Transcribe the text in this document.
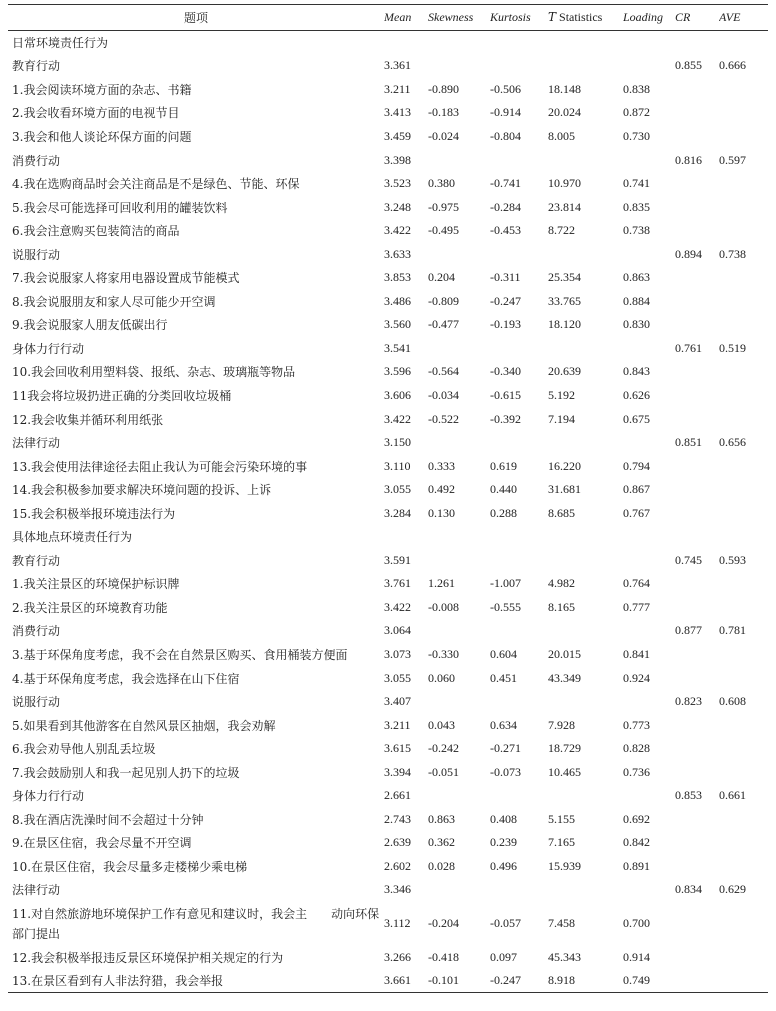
题项	Mean	Skewness	Kurtosis	T Statistics	Loading	CR	AVE
日常环境责任行为							
教育行动	3.361					0.855	0.666
1.我会阅读环境方面的杂志、书籍	3.211	-0.890	-0.506	18.148	0.838		
2.我会收看环境方面的电视节目	3.413	-0.183	-0.914	20.024	0.872		
3.我会和他人谈论环保方面的问题	3.459	-0.024	-0.804	8.005	0.730		
消费行动	3.398					0.816	0.597
4.我在选购商品时会关注商品是不是绿色、节能、环保	3.523	0.380	-0.741	10.970	0.741		
5.我会尽可能选择可回收利用的罐装饮料	3.248	-0.975	-0.284	23.814	0.835		
6.我会注意购买包装简洁的商品	3.422	-0.495	-0.453	8.722	0.738		
说服行动	3.633					0.894	0.738
7.我会说服家人将家用电器设置成节能模式	3.853	0.204	-0.311	25.354	0.863		
8.我会说服朋友和家人尽可能少开空调	3.486	-0.809	-0.247	33.765	0.884		
9.我会说服家人朋友低碳出行	3.560	-0.477	-0.193	18.120	0.830		
身体力行行动	3.541					0.761	0.519
10.我会回收利用塑料袋、报纸、杂志、玻璃瓶等物品	3.596	-0.564	-0.340	20.639	0.843		
11我会将垃圾扔进正确的分类回收垃圾桶	3.606	-0.034	-0.615	5.192	0.626		
12.我会收集并循环利用纸张	3.422	-0.522	-0.392	7.194	0.675		
法律行动	3.150					0.851	0.656
13.我会使用法律途径去阻止我认为可能会污染环境的事	3.110	0.333	0.619	16.220	0.794		
14.我会积极参加要求解决环境问题的投诉、上诉	3.055	0.492	0.440	31.681	0.867		
15.我会积极举报环境违法行为	3.284	0.130	0.288	8.685	0.767		
具体地点环境责任行为							
教育行动	3.591					0.745	0.593
1.我关注景区的环境保护标识牌	3.761	1.261	-1.007	4.982	0.764		
2.我关注景区的环境教育功能	3.422	-0.008	-0.555	8.165	0.777		
消费行动	3.064					0.877	0.781
3.基于环保角度考虑，我不会在自然景区购买、食用桶装方便面	3.073	-0.330	0.604	20.015	0.841		
4.基于环保角度考虑，我会选择在山下住宿	3.055	0.060	0.451	43.349	0.924		
说服行动	3.407					0.823	0.608
5.如果看到其他游客在自然风景区抽烟，我会劝解	3.211	0.043	0.634	7.928	0.773		
6.我会劝导他人别乱丢垃圾	3.615	-0.242	-0.271	18.729	0.828		
7.我会鼓励别人和我一起见别人扔下的垃圾	3.394	-0.051	-0.073	10.465	0.736		
身体力行行动	2.661					0.853	0.661
8.我在酒店洗澡时间不会超过十分钟	2.743	0.863	0.408	5.155	0.692		
9.在景区住宿，我会尽量不开空调	2.639	0.362	0.239	7.165	0.842		
10.在景区住宿，我会尽量多走楼梯少乘电梯	2.602	0.028	0.496	15.939	0.891		
法律行动	3.346					0.834	0.629
11.对自然旅游地环境保护工作有意见和建议时，我会主　　动向环保部门提出	3.112	-0.204	-0.057	7.458	0.700		
12.我会积极举报违反景区环境保护相关规定的行为	3.266	-0.418	0.097	45.343	0.914		
13.在景区看到有人非法狩猎，我会举报	3.661	-0.101	-0.247	8.918	0.749		
